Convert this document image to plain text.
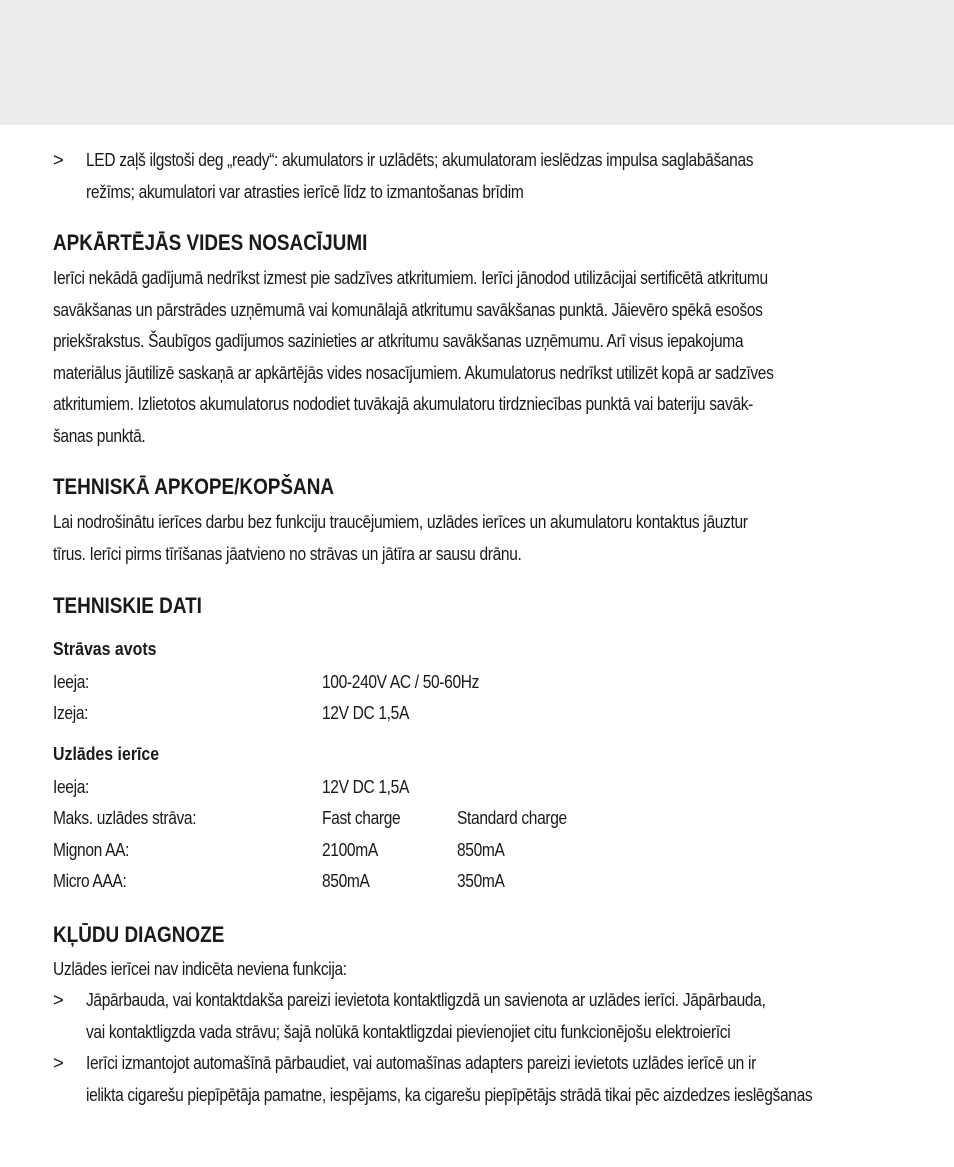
> LED zaļš ilgstoši deg „ready“: akumulators ir uzlādēts; akumulatoram ieslēdzas impulsa saglabāšanas
režīms; akumulatori var atrasties ierīcē līdz to izmantošanas brīdim
APKĀRTĒJĀS VIDES NOSACĪJUMI
Ierīci nekādā gadījumā nedrīkst izmest pie sadzīves atkritumiem. Ierīci jānodod utilizācijai sertificētā atkritumu
savākšanas un pārstrādes uzņēmumā vai komunālajā atkritumu savākšanas punktā. Jāievēro spēkā esošos
priekšrakstus. Šaubīgos gadījumos sazinieties ar atkritumu savākšanas uzņēmumu. Arī visus iepakojuma
materiālus jāutilizē saskaņā ar apkārtējās vides nosacījumiem. Akumulatorus nedrīkst utilizēt kopā ar sadzīves
atkritumiem. Izlietotos akumulatorus nododiet tuvākajā akumulatoru tirdzniecības punktā vai bateriju savāk-
šanas punktā.
TEHNISKĀ APKOPE/KOPŠANA
Lai nodrošinātu ierīces darbu bez funkciju traucējumiem, uzlādes ierīces un akumulatoru kontaktus jāuztur
tīrus. Ierīci pirms tīrīšanas jāatvieno no strāvas un jātīra ar sausu drānu.
TEHNISKIE DATI
Strāvas avots
Ieeja:	100-240V AC / 50-60Hz
Izeja:	12V DC 1,5A
Uzlādes ierīce
Ieeja:	12V DC 1,5A
Maks. uzlādes strāva:	Fast charge	Standard charge
Mignon AA:	2100mA	850mA
Micro AAA:	850mA	350mA
KĻŪDU DIAGNOZE
Uzlādes ierīcei nav indicēta neviena funkcija:
> Jāpārbauda, vai kontaktdakša pareizi ievietota kontaktligzdā un savienota ar uzlādes ierīci. Jāpārbauda,
vai kontaktligzda vada strāvu; šajā nolūkā kontaktligzdai pievienojiet citu funkcionējošu elektroierīci
> Ierīci izmantojot automašīnā pārbaudiet, vai automašīnas adapters pareizi ievietots uzlādes ierīcē un ir
ielikta cigarešu piepīpētāja pamatne, iespējams, ka cigarešu piepīpētājs strādā tikai pēc aizdedzes ieslēgšanas
